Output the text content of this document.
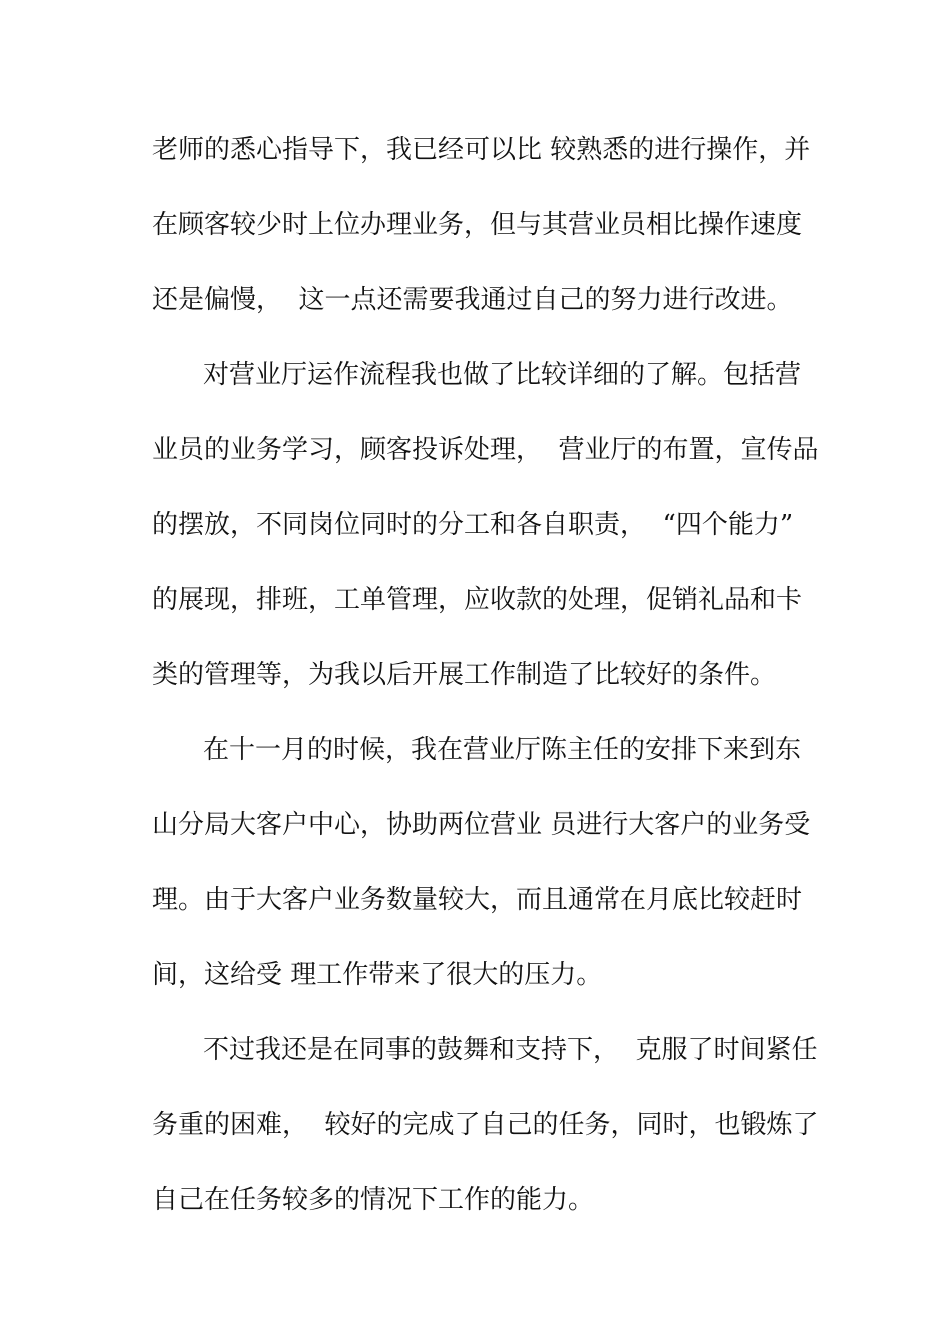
老师的悉心指导下，我已经可以比 较熟悉的进行操作，并
在顾客较少时上位办理业务，但与其营业员相比操作速度
还是偏慢，  这一点还需要我通过自己的努力进行改进。
对营业厅运作流程我也做了比较详细的了解。包括营
业员的业务学习，顾客投诉处理，  营业厅的布置，宣传品
的摆放，不同岗位同时的分工和各自职责，  “四个能力”
的展现，排班，工单管理，应收款的处理，促销礼品和卡
类的管理等，为我以后开展工作制造了比较好的条件。
在十一月的时候，我在营业厅陈主任的安排下来到东
山分局大客户中心，协助两位营业 员进行大客户的业务受
理。由于大客户业务数量较大，而且通常在月底比较赶时
间，这给受 理工作带来了很大的压力。
不过我还是在同事的鼓舞和支持下，  克服了时间紧任
务重的困难，  较好的完成了自己的任务，同时，也锻炼了
自己在任务较多的情况下工作的能力。
